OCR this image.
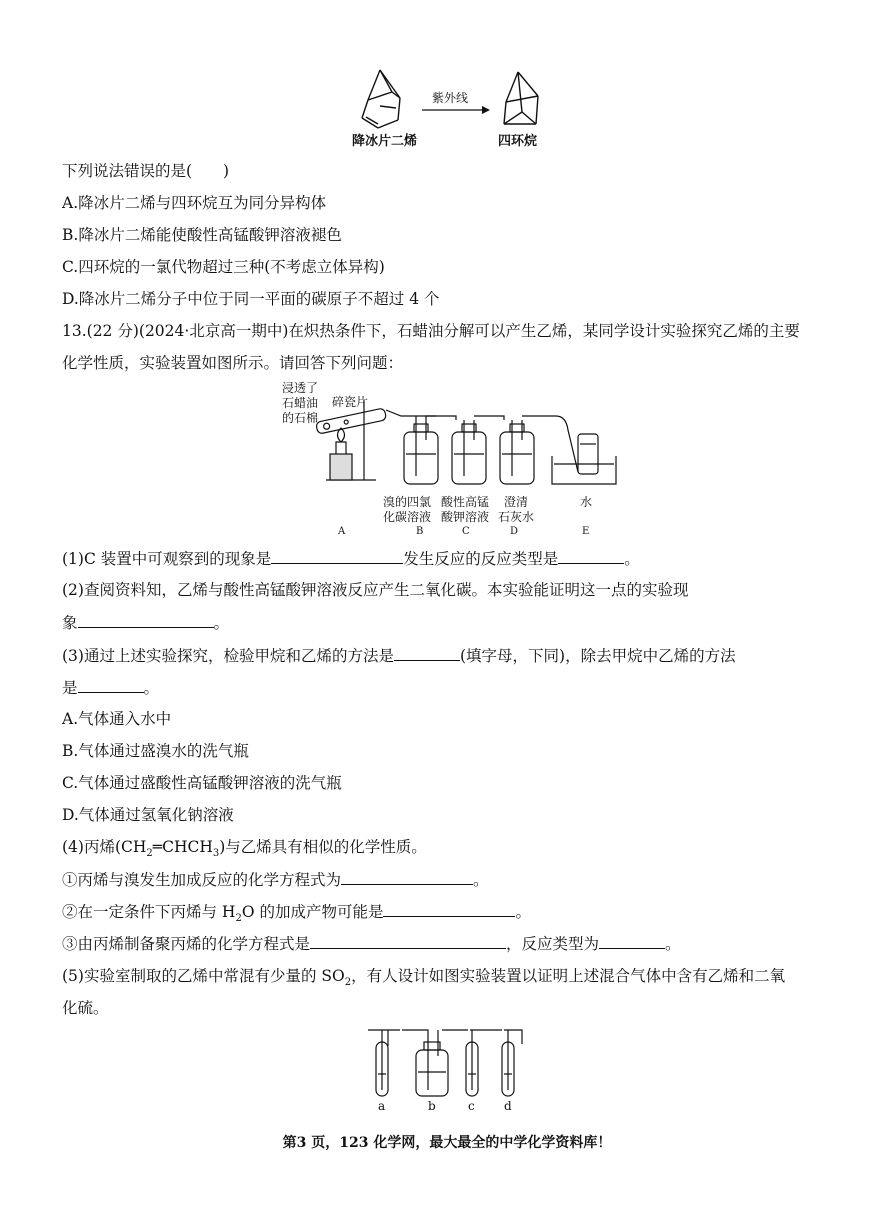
降冰片二烯
紫外线
四环烷
下列说法错误的是(　　)
A.降冰片二烯与四环烷互为同分异构体
B.降冰片二烯能使酸性高锰酸钾溶液褪色
C.四环烷的一氯代物超过三种(不考虑立体异构)
D.降冰片二烯分子中位于同一平面的碳原子不超过 4 个
13.(22 分)(2024·北京高一期中)在炽热条件下，石蜡油分解可以产生乙烯，某同学设计实验探究乙烯的主要
化学性质，实验装置如图所示。请回答下列问题：
浸透了
石蜡油
的石棉
碎瓷片
溴的四氯
化碳溶液
酸性高锰
酸钾溶液
澄清
石灰水
水
A	B	C	D	E
(1)C 装置中可观察到的现象是	发生反应的反应类型是	。
(2)查阅资料知，乙烯与酸性高锰酸钾溶液反应产生二氧化碳。本实验能证明这一点的实验现
象	。
(3)通过上述实验探究，检验甲烷和乙烯的方法是	(填字母，下同)，除去甲烷中乙烯的方法
是	。
A.气体通入水中
B.气体通过盛溴水的洗气瓶
C.气体通过盛酸性高锰酸钾溶液的洗气瓶
D.气体通过氢氧化钠溶液
(4)丙烯$(CH_2═CHCH_3)$与乙烯具有相似的化学性质。
①丙烯与溴发生加成反应的化学方程式为	。
②在一定条件下丙烯与 $H_2O$ 的加成产物可能是	。
③由丙烯制备聚丙烯的化学方程式是	，反应类型为	。
(5)实验室制取的乙烯中常混有少量的 $SO_2$，有人设计如图实验装置以证明上述混合气体中含有乙烯和二氧
化硫。
a	b	c d
第3 页，123 化学网，最大最全的中学化学资料库！
